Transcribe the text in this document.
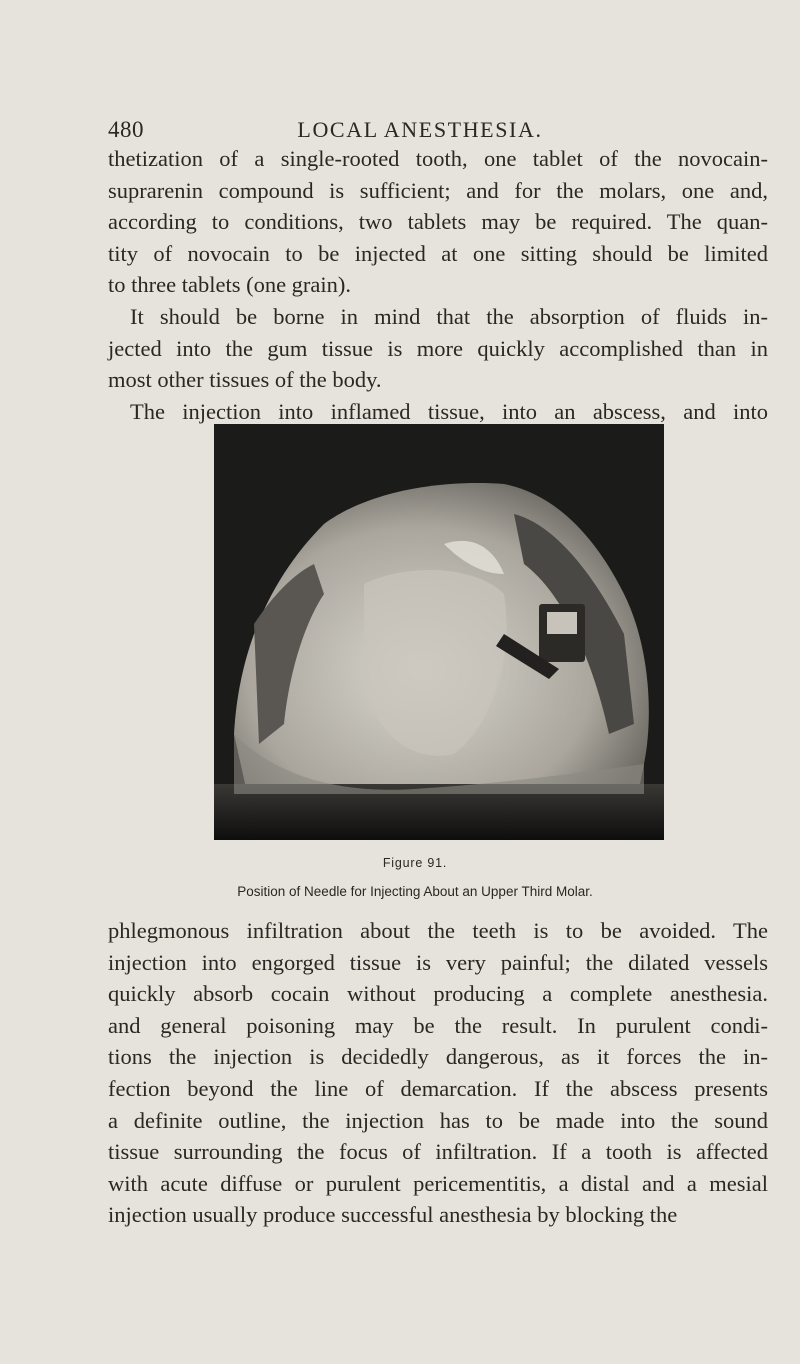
480	LOCAL ANESTHESIA.

thetization of a single-rooted tooth, one tablet of the novocain-
suprarenin compound is sufficient; and for the molars, one and,
according to conditions, two tablets may be required. The quan-
tity of novocain to be injected at one sitting should be limited
to three tablets (one grain).
It should be borne in mind that the absorption of fluids in-
jected into the gum tissue is more quickly accomplished than in
most other tissues of the body.
The injection into inflamed tissue, into an abscess, and into

Figure 91.
Position of Needle for Injecting About an Upper Third Molar.

phlegmonous infiltration about the teeth is to be avoided. The
injection into engorged tissue is very painful; the dilated vessels
quickly absorb cocain without producing a complete anesthesia.
and general poisoning may be the result. In purulent condi-
tions the injection is decidedly dangerous, as it forces the in-
fection beyond the line of demarcation. If the abscess presents
a definite outline, the injection has to be made into the sound
tissue surrounding the focus of infiltration. If a tooth is affected
with acute diffuse or purulent pericementitis, a distal and a mesial
injection usually produce successful anesthesia by blocking the
